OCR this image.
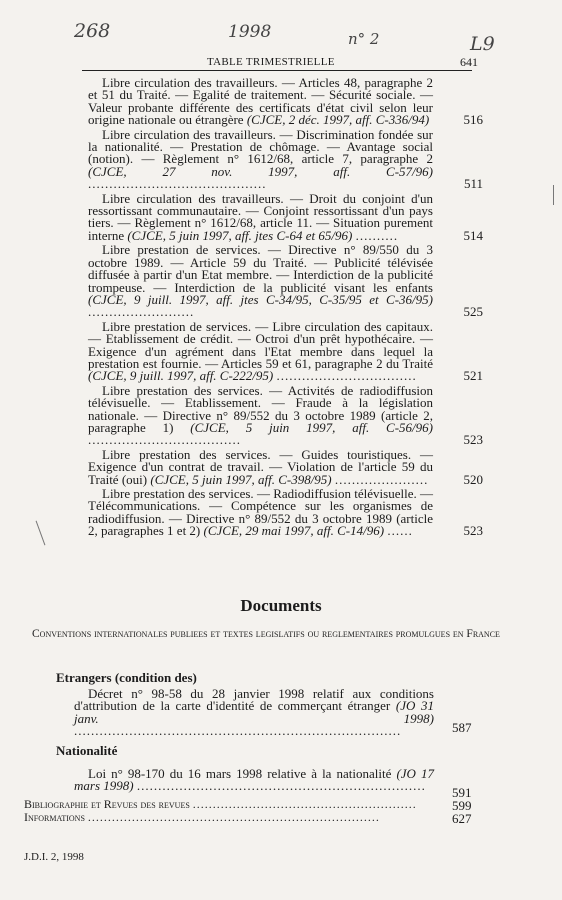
268	1998	n° 2	L9
TABLE TRIMESTRIELLE	641
Libre circulation des travailleurs. — Articles 48, paragraphe 2 et 51 du Traité. — Egalité de traitement. — Sécurité sociale. — Valeur probante différente des certificats d'état civil selon leur origine nationale ou étrangère (CJCE, 2 déc. 1997, aff. C-336/94)	516
Libre circulation des travailleurs. — Discrimination fondée sur la nationalité. — Prestation de chômage. — Avantage social (notion). — Règlement n° 1612/68, article 7, paragraphe 2 (CJCE, 27 nov. 1997, aff. C-57/96) ..........................................	511
Libre circulation des travailleurs. — Droit du conjoint d'un ressortissant communautaire. — Conjoint ressortissant d'un pays tiers. — Règlement n° 1612/68, article 11. — Situation purement interne (CJCE, 5 juin 1997, aff. jtes C-64 et 65/96) ..........	514
Libre prestation de services. — Directive n° 89/550 du 3 octobre 1989. — Article 59 du Traité. — Publicité télévisée diffusée à partir d'un Etat membre. — Interdiction de la publicité trompeuse. — Interdiction de la publicité visant les enfants (CJCE, 9 juill. 1997, aff. jtes C-34/95, C-35/95 et C-36/95) .........................	525
Libre prestation de services. — Libre circulation des capitaux. — Etablissement de crédit. — Octroi d'un prêt hypothécaire. — Exigence d'un agrément dans l'Etat membre dans lequel la prestation est fournie. — Articles 59 et 61, paragraphe 2 du Traité (CJCE, 9 juill. 1997, aff. C-222/95) .................................	521
Libre prestation des services. — Activités de radiodiffusion télévisuelle. — Etablissement. — Fraude à la législation nationale. — Directive n° 89/552 du 3 octobre 1989 (article 2, paragraphe 1) (CJCE, 5 juin 1997, aff. C-56/96) ....................................	523
Libre prestation des services. — Guides touristiques. — Exigence d'un contrat de travail. — Violation de l'article 59 du Traité (oui) (CJCE, 5 juin 1997, aff. C-398/95) ......................	520
Libre prestation des services. — Radiodiffusion télévisuelle. — Télécommunications. — Compétence sur les organismes de radiodiffusion. — Directive n° 89/552 du 3 octobre 1989 (article 2, paragraphes 1 et 2) (CJCE, 29 mai 1997, aff. C-14/96) ......	523
Documents
Conventions internationales publiees et textes legislatifs ou reglementaires promulgues en France
Etrangers (condition des)
Décret n° 98-58 du 28 janvier 1998 relatif aux conditions d'attribution de la carte d'identité de commerçant étranger (JO 31 janv. 1998) .............................................................................	587
Nationalité
Loi n° 98-170 du 16 mars 1998 relative à la nationalité (JO 17 mars 1998) ....................................................................	591
Bibliographie et Revues des revues ........................................................	599
Informations .........................................................................	627
J.D.I. 2, 1998
